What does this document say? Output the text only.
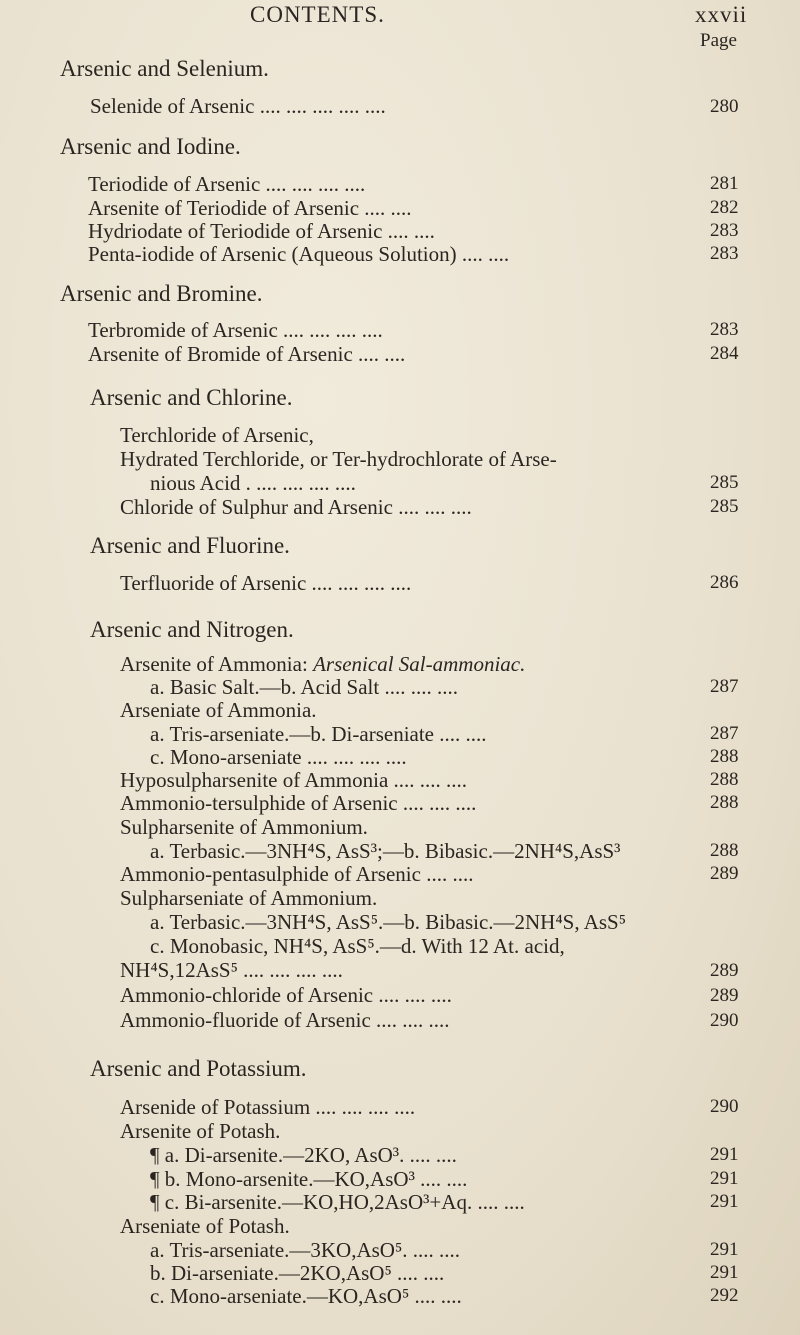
CONTENTS.	xxvii
Page
Arsenic and Selenium.
Selenide of Arsenic .... .... .... .... ....	280
Arsenic and Iodine.
Teriodide of Arsenic .... .... .... ....	281
Arsenite of Teriodide of Arsenic .... ....	282
Hydriodate of Teriodide of Arsenic .... ....	283
Penta-iodide of Arsenic (Aqueous Solution) .... ....	283
Arsenic and Bromine.
Terbromide of Arsenic .... .... .... ....	283
Arsenite of Bromide of Arsenic .... ....	284
Arsenic and Chlorine.
Terchloride of Arsenic,
Hydrated Terchloride, or Ter-hydrochlorate of Arse-
nious Acid . .... .... .... ....	285
Chloride of Sulphur and Arsenic .... .... ....	285
Arsenic and Fluorine.
Terfluoride of Arsenic .... .... .... ....	286
Arsenic and Nitrogen.
Arsenite of Ammonia: Arsenical Sal-ammoniac.
a. Basic Salt.—b. Acid Salt .... .... ....	287
Arseniate of Ammonia.
a. Tris-arseniate.—b. Di-arseniate .... ....	287
c. Mono-arseniate .... .... .... ....	288
Hyposulpharsenite of Ammonia .... .... ....	288
Ammonio-tersulphide of Arsenic .... .... ....	288
Sulpharsenite of Ammonium.
a. Terbasic.—3NH⁴S, AsS³;—b. Bibasic.—2NH⁴S,AsS³	288
Ammonio-pentasulphide of Arsenic .... ....	289
Sulpharseniate of Ammonium.
a. Terbasic.—3NH⁴S, AsS⁵.—b. Bibasic.—2NH⁴S, AsS⁵
c. Monobasic, NH⁴S, AsS⁵.—d. With 12 At. acid,
NH⁴S,12AsS⁵ .... .... .... ....	289
Ammonio-chloride of Arsenic .... .... ....	289
Ammonio-fluoride of Arsenic .... .... ....	290
Arsenic and Potassium.
Arsenide of Potassium .... .... .... ....	290
Arsenite of Potash.
¶ a. Di-arsenite.—2KO, AsO³. .... ....	291
¶ b. Mono-arsenite.—KO,AsO³ .... ....	291
¶ c. Bi-arsenite.—KO,HO,2AsO³+Aq. .... ....	291
Arseniate of Potash.
a. Tris-arseniate.—3KO,AsO⁵. .... ....	291
b. Di-arseniate.—2KO,AsO⁵ .... ....	291
c. Mono-arseniate.—KO,AsO⁵ .... ....	292
